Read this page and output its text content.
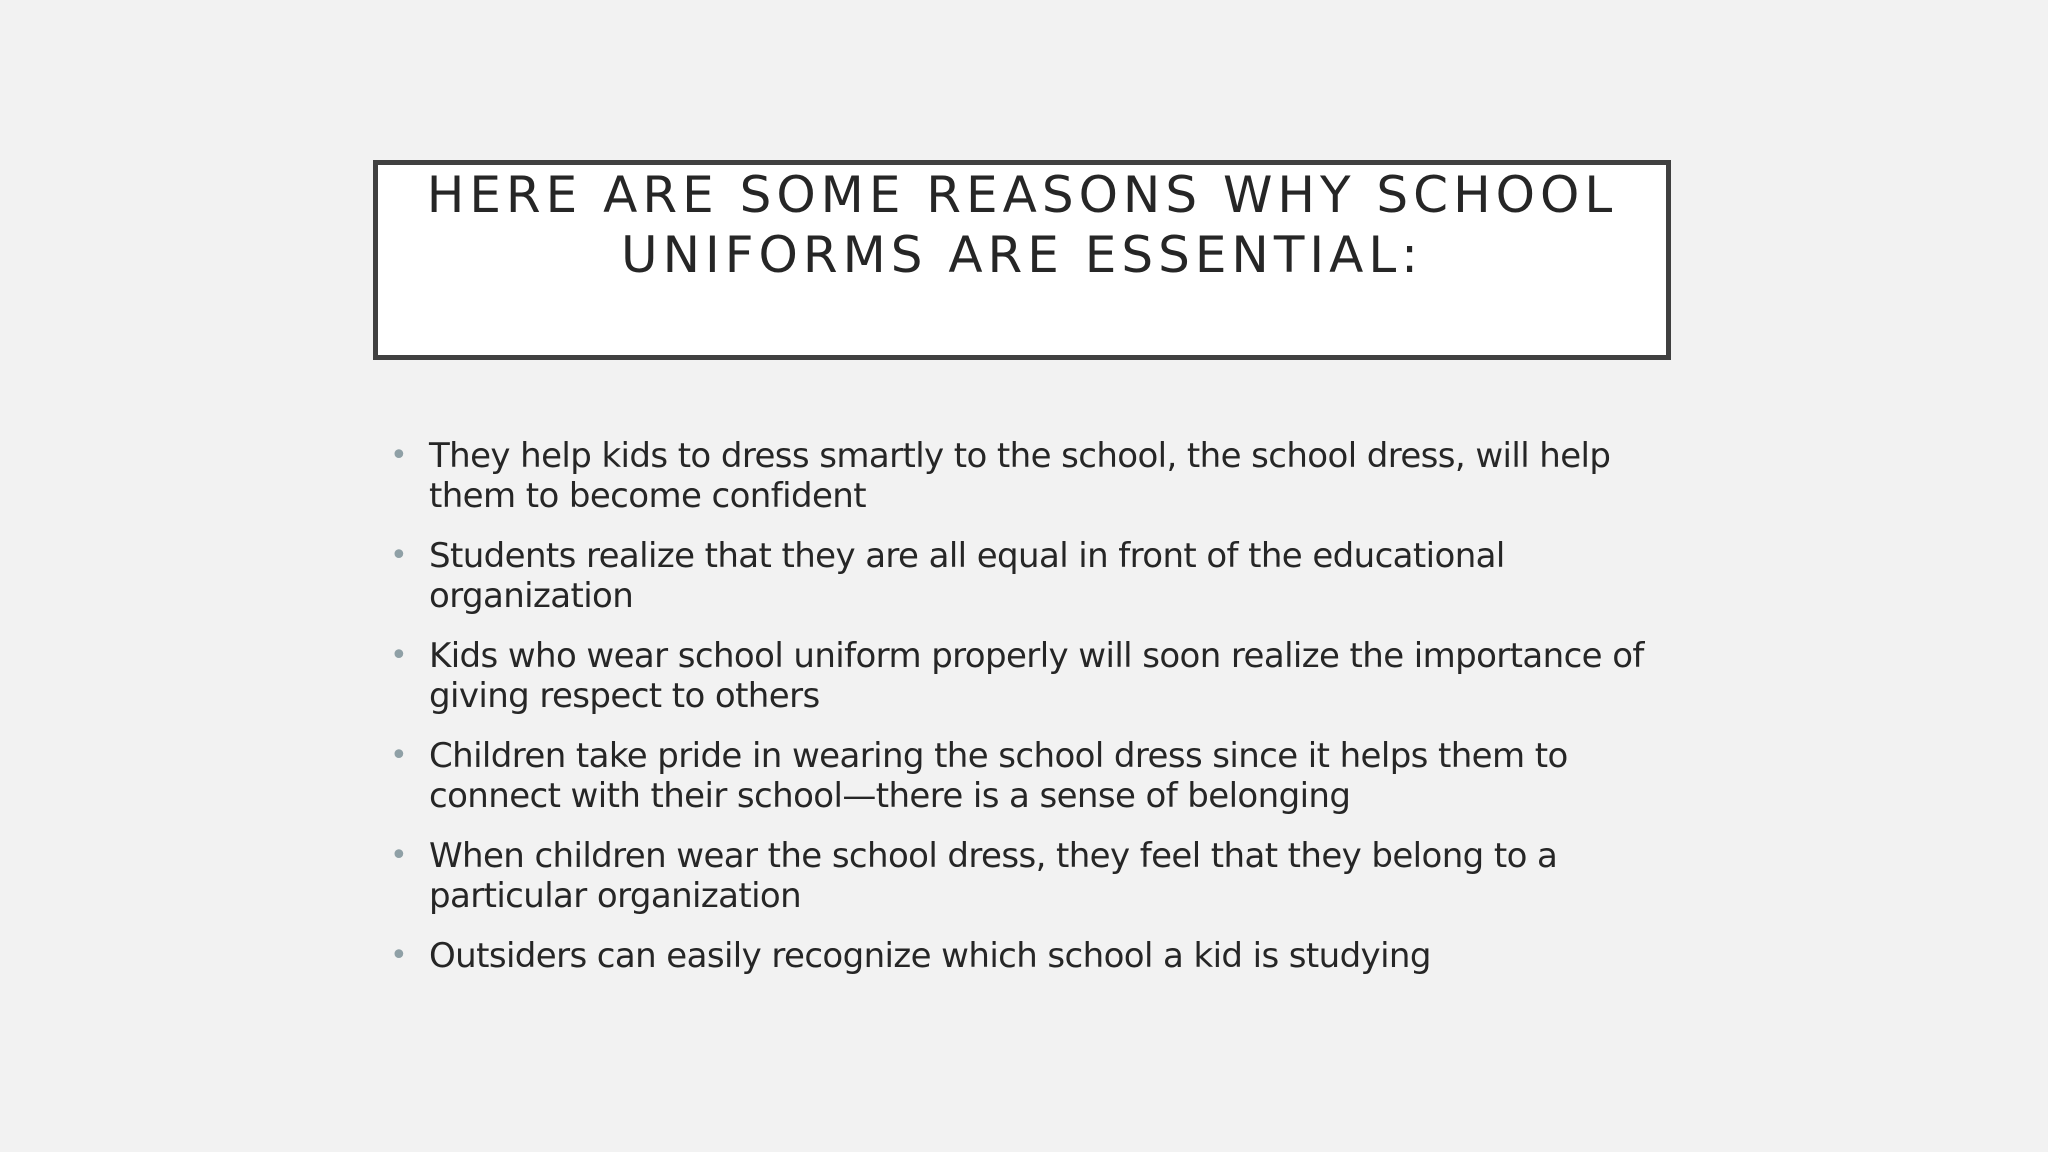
HERE ARE SOME REASONS WHY SCHOOL UNIFORMS ARE ESSENTIAL:
• They help kids to dress smartly to the school, the school dress, will help them to become confident
• Students realize that they are all equal in front of the educational organization
• Kids who wear school uniform properly will soon realize the importance of giving respect to others
• Children take pride in wearing the school dress since it helps them to connect with their school—there is a sense of belonging
• When children wear the school dress, they feel that they belong to a particular organization
• Outsiders can easily recognize which school a kid is studying
